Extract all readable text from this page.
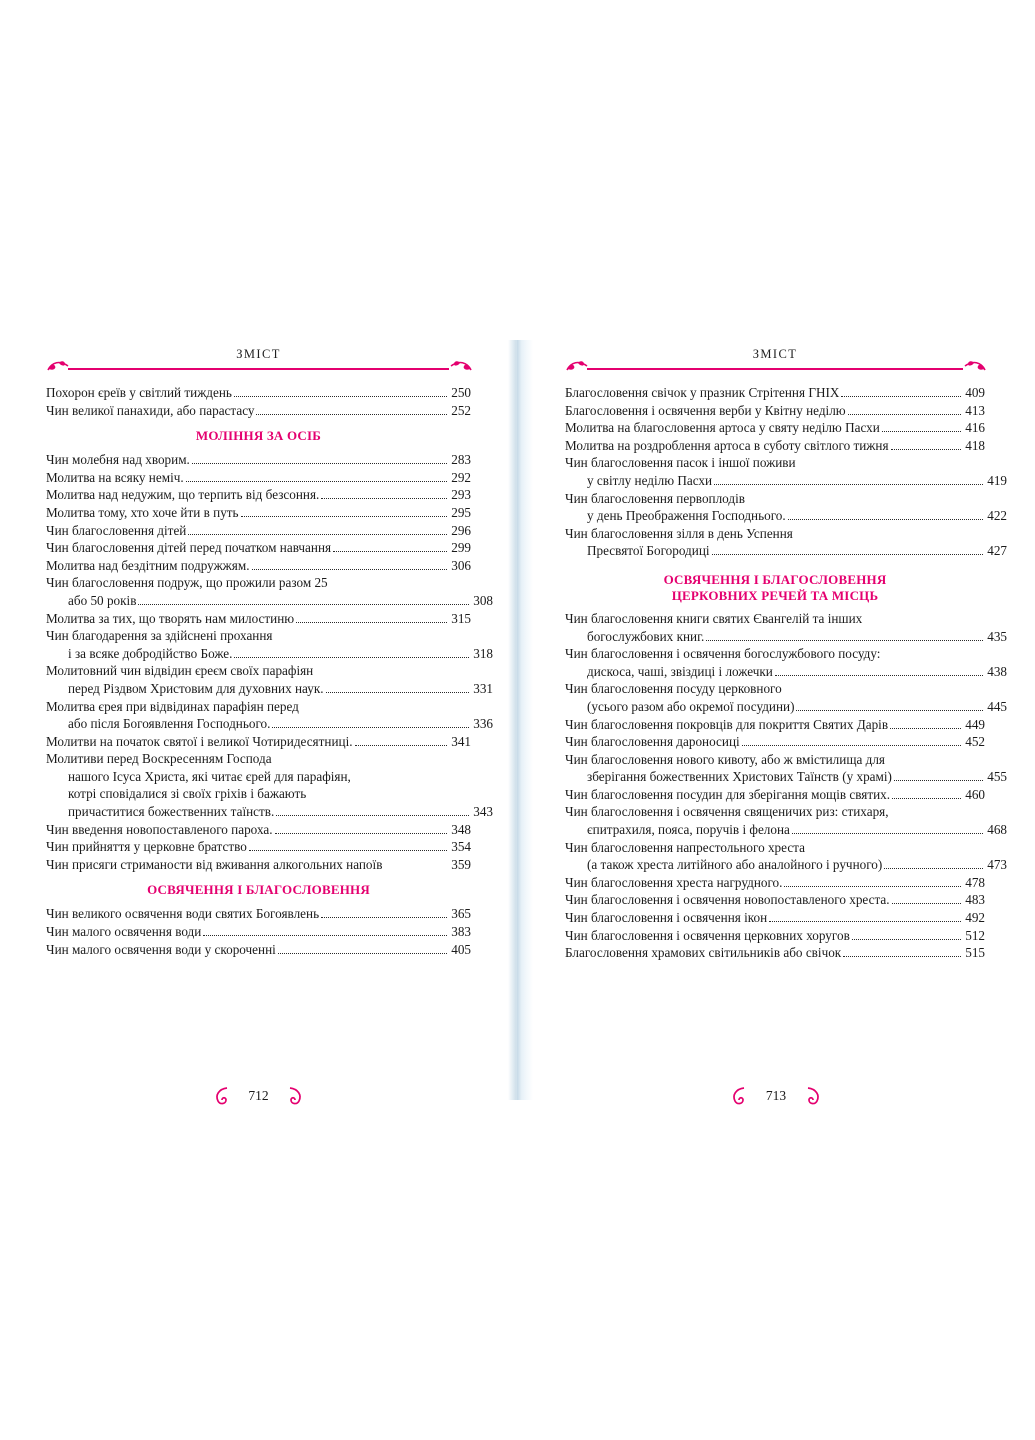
ЗМІСТ
Похорон єреїв у світлий тиждень	250
Чин великої панахиди, або парастасу	252
МОЛІННЯ ЗА ОСІБ
Чин молебня над хворим.	283
Молитва на всяку неміч.	292
Молитва над недужим, що терпить від безсоння.	293
Молитва тому, хто хоче йти в путь	295
Чин благословення дітей	296
Чин благословення дітей перед початком навчання	299
Молитва над бездітним подружжям.	306
Чин благословення подруж, що прожили разом 25
або 50 років	308
Молитва за тих, що творять нам милостиню	315
Чин благодарення за здійснені прохання
і за всяке добродійство Боже.	318
Молитовний чин відвідин єреєм своїх парафіян
перед Різдвом Христовим для духовних наук.	331
Молитва єрея при відвідинах парафіян перед
або після Богоявлення Господнього.	336
Молитви на початок святої і великої Чотиридесятниці.	341
Молитиви перед Воскресенням Господа
нашого Ісуса Христа, які читає єрей для парафіян,
котрі сповідалися зі своїх гріхів і бажають
причаститися божественних таїнств.	343
Чин введення новопоставленого пароха.	348
Чин прийняття у церковне братство	354
Чин присяги стриманости від вживання алкогольних напоїв	359
ОСВЯЧЕННЯ І БЛАГОСЛОВЕННЯ
Чин великого освячення води святих Богоявлень	365
Чин малого освячення води	383
Чин малого освячення води у скороченні	405
712
ЗМІСТ
Благословення свічок у празник Стрітення ГНІХ	409
Благословення і освячення верби у Квітну неділю	413
Молитва на благословення артоса у святу неділю Пасхи	416
Молитва на роздроблення артоса в суботу світлого тижня	418
Чин благословення пасок і іншої поживи
у світлу неділю Пасхи	419
Чин благословення первоплодів
у день Преображення Господнього.	422
Чин благословення зілля в день Успення
Пресвятої Богородиці	427
ОСВЯЧЕННЯ І БЛАГОСЛОВЕННЯ
ЦЕРКОВНИХ РЕЧЕЙ ТА МІСЦЬ
Чин благословення книги святих Євангелій та інших
богослужбових книг.	435
Чин благословення і освячення богослужбового посуду:
дискоса, чаші, звіздиці і ложечки	438
Чин благословення посуду церковного
(усього разом або окремої посудини)	445
Чин благословення покровців для покриття Святих Дарів	449
Чин благословення дароносиці	452
Чин благословення нового кивоту, або ж вмістилища для
зберігання божественних Христових Таїнств (у храмі)	455
Чин благословення посудин для зберігання мощів святих.	460
Чин благословення і освячення священичих риз: стихаря,
єпитрахиля, пояса, поручів і фелона	468
Чин благословення напрестольного хреста
(а також хреста литійного або аналойного і ручного)	473
Чин благословення хреста нагрудного.	478
Чин благословення і освячення новопоставленого хреста.	483
Чин благословення і освячення ікон	492
Чин благословення і освячення церковних хоругов	512
Благословення храмових світильників або свічок	515
713
